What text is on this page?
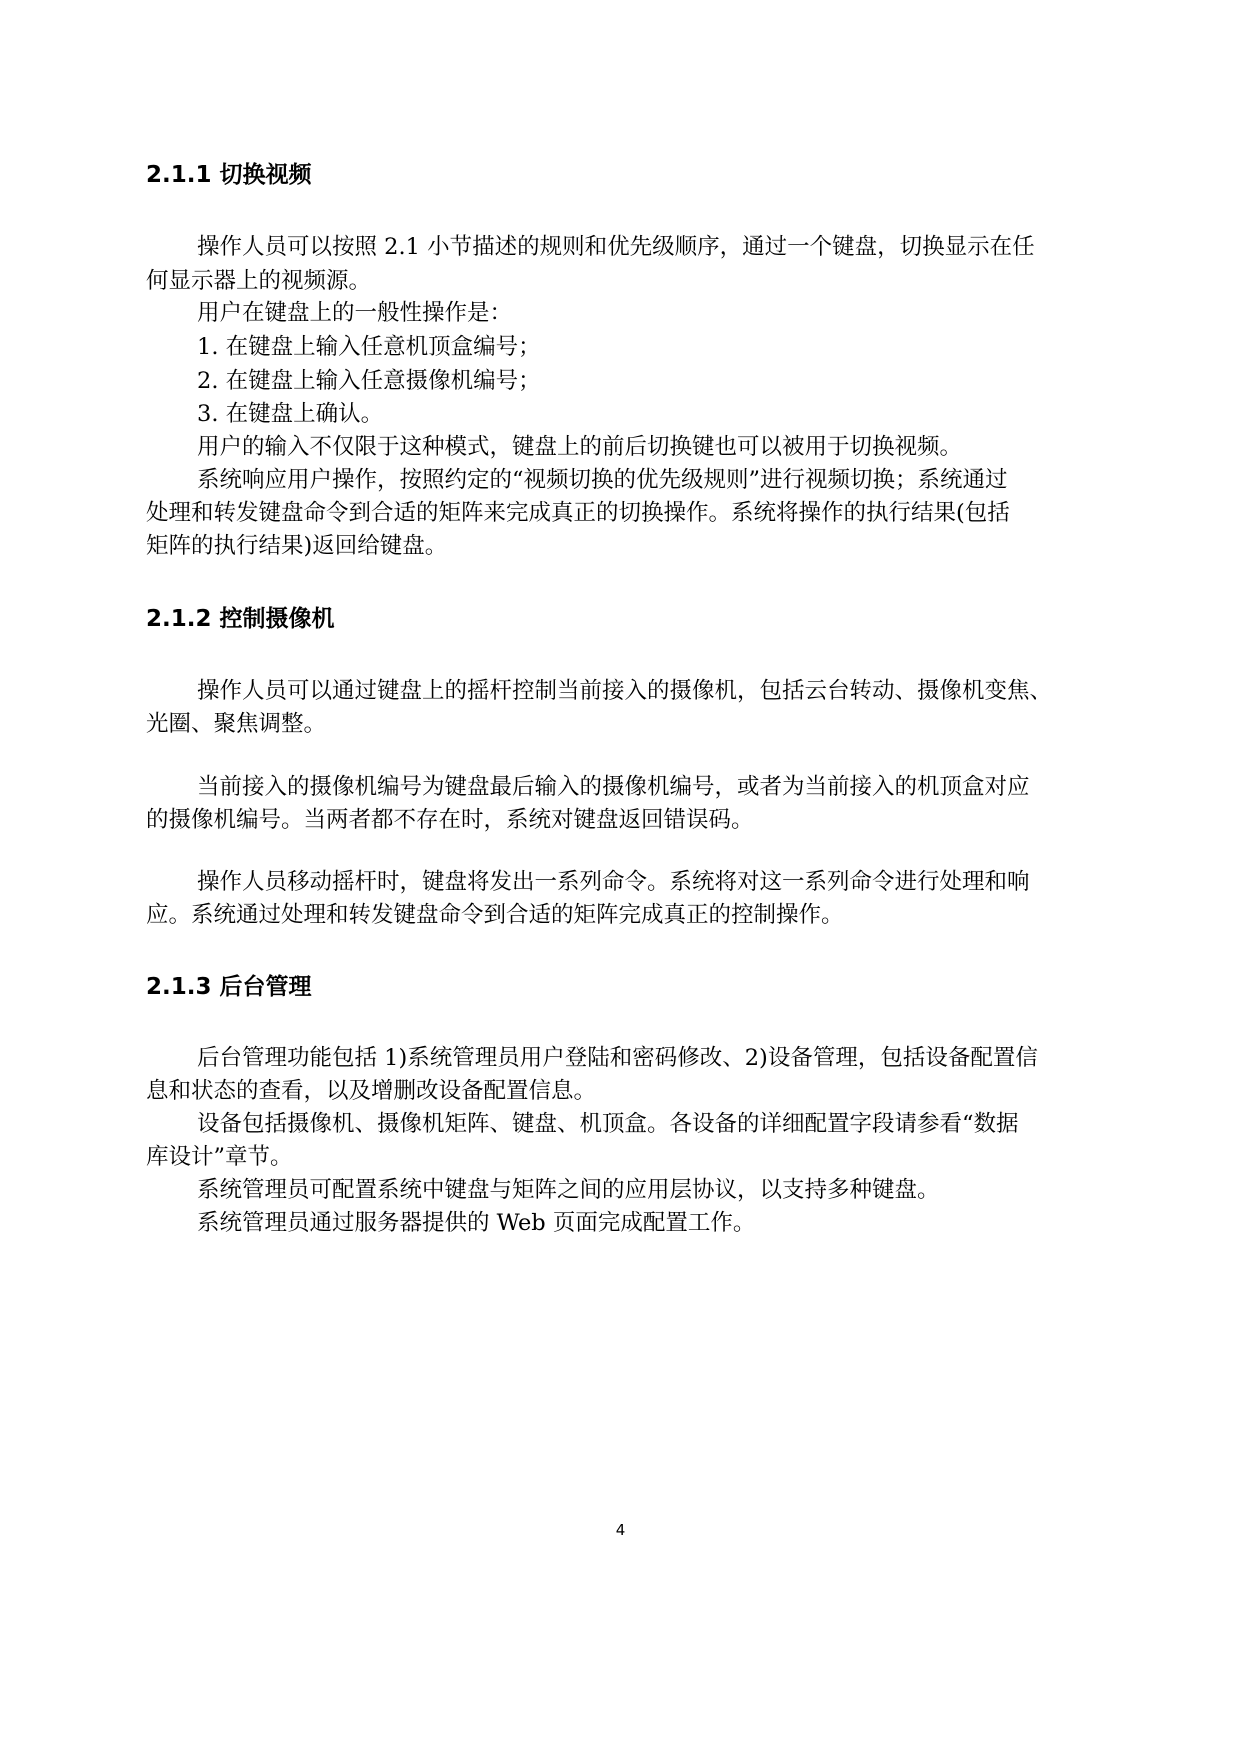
2.1.1 切换视频
操作人员可以按照 2.1 小节描述的规则和优先级顺序，通过一个键盘，切换显示在任
何显示器上的视频源。
用户在键盘上的一般性操作是：
1. 在键盘上输入任意机顶盒编号；
2. 在键盘上输入任意摄像机编号；
3. 在键盘上确认。
用户的输入不仅限于这种模式，键盘上的前后切换键也可以被用于切换视频。
系统响应用户操作，按照约定的“视频切换的优先级规则”进行视频切换；系统通过
处理和转发键盘命令到合适的矩阵来完成真正的切换操作。系统将操作的执行结果(包括
矩阵的执行结果)返回给键盘。
2.1.2 控制摄像机
操作人员可以通过键盘上的摇杆控制当前接入的摄像机，包括云台转动、摄像机变焦、
光圈、聚焦调整。
当前接入的摄像机编号为键盘最后输入的摄像机编号，或者为当前接入的机顶盒对应
的摄像机编号。当两者都不存在时，系统对键盘返回错误码。
操作人员移动摇杆时，键盘将发出一系列命令。系统将对这一系列命令进行处理和响
应。系统通过处理和转发键盘命令到合适的矩阵完成真正的控制操作。
2.1.3 后台管理
后台管理功能包括 1)系统管理员用户登陆和密码修改、2)设备管理，包括设备配置信
息和状态的查看，以及增删改设备配置信息。
设备包括摄像机、摄像机矩阵、键盘、机顶盒。各设备的详细配置字段请参看“数据
库设计”章节。
系统管理员可配置系统中键盘与矩阵之间的应用层协议，以支持多种键盘。
系统管理员通过服务器提供的 Web 页面完成配置工作。
4
